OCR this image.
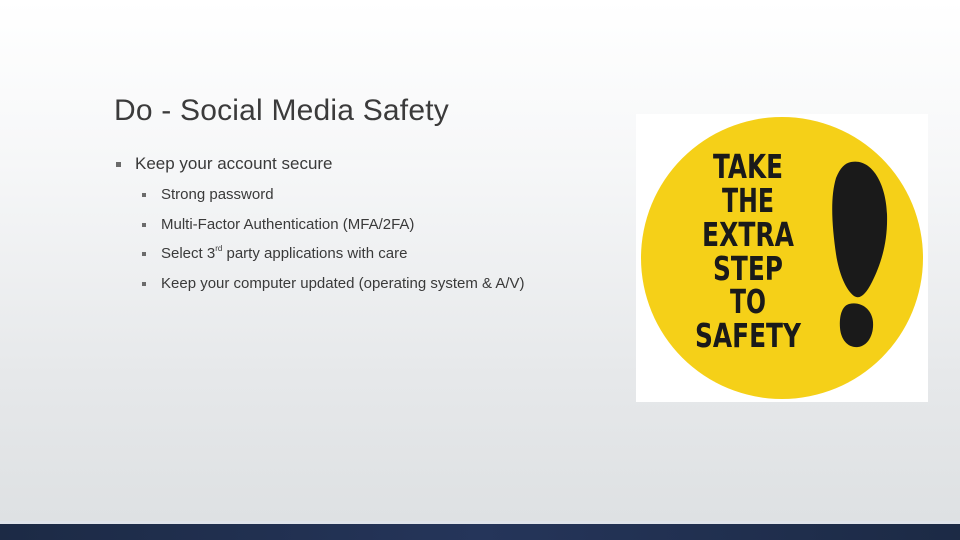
Do - Social Media Safety
Keep your account secure
Strong password
Multi-Factor Authentication (MFA/2FA)
Select 3rd party applications with care
Keep your computer updated (operating system & A/V)
TAKE
THE
EXTRA
STEP
TO
SAFETY
